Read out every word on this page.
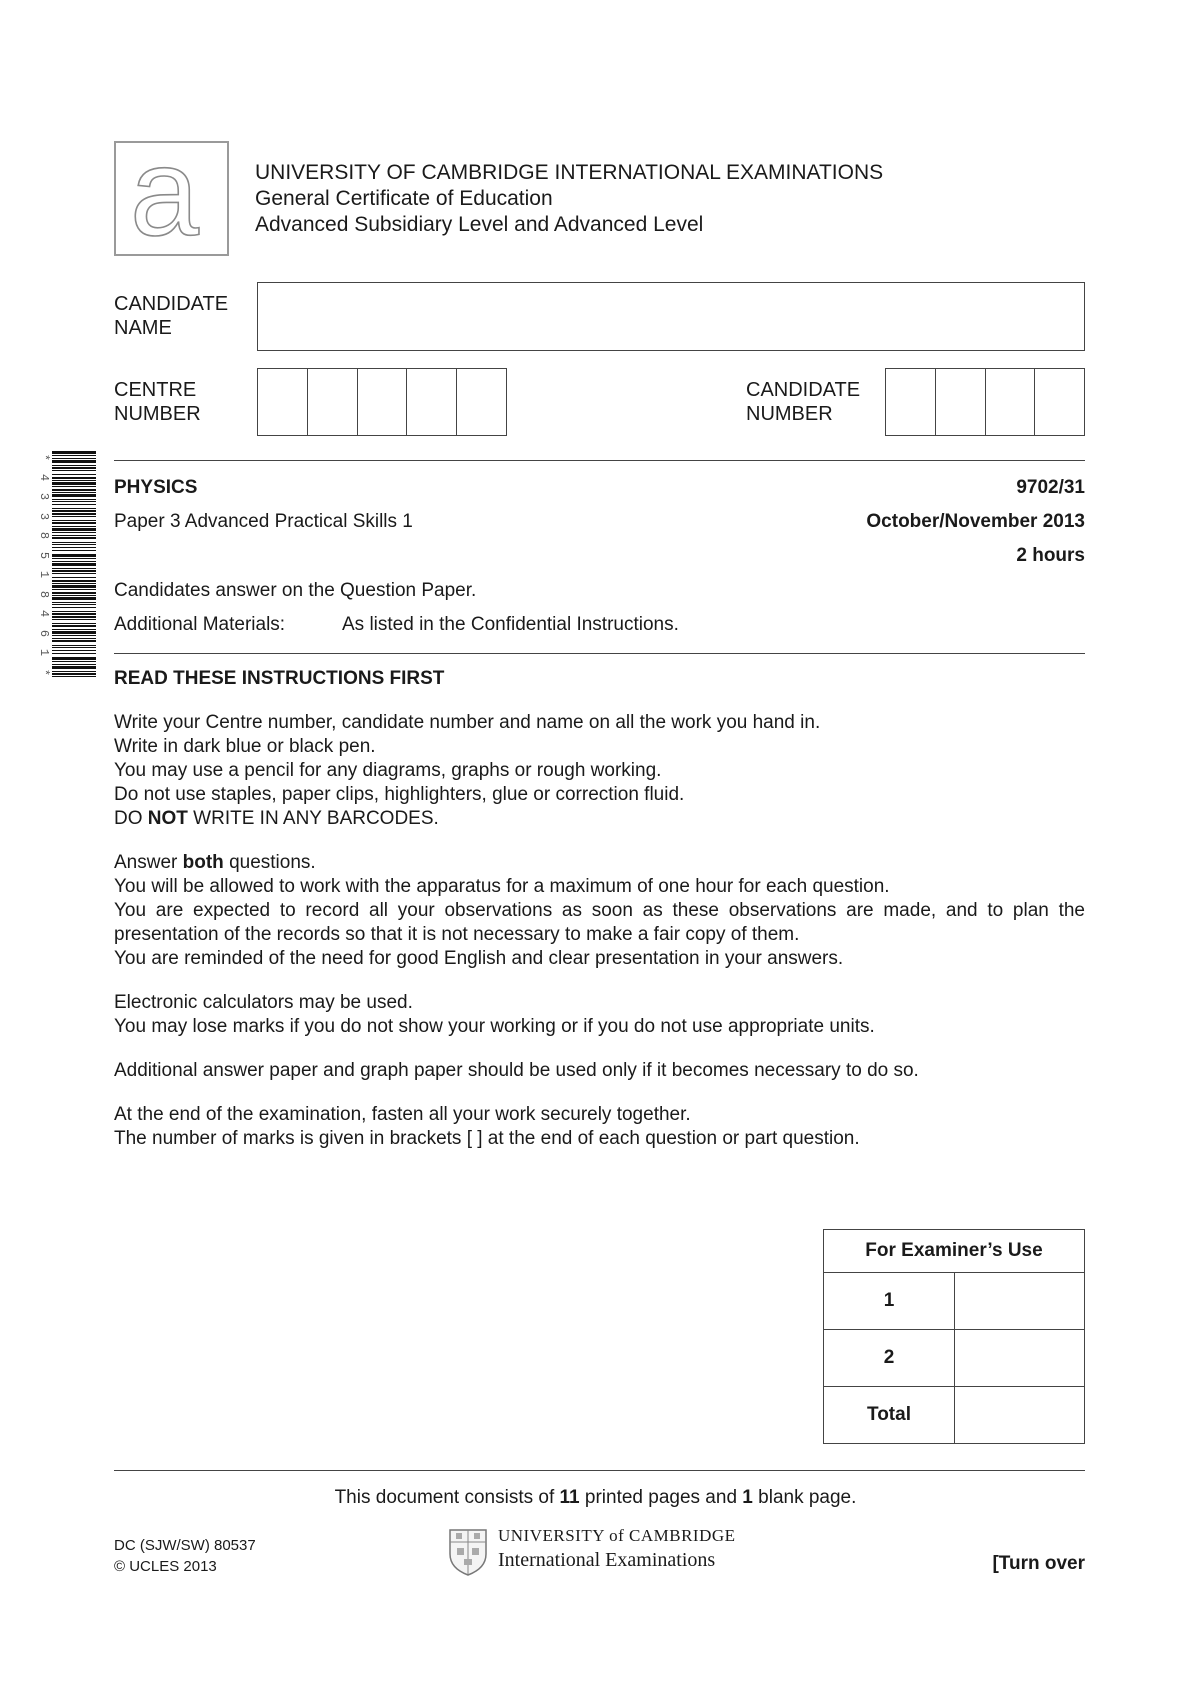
a	UNIVERSITY OF CAMBRIDGE INTERNATIONAL EXAMINATIONS
General Certificate of Education
Advanced Subsidiary Level and Advanced Level
CANDIDATE
NAME
CENTRE
NUMBER
CANDIDATE
NUMBER
*
4
3
3
8
5
1
8
4
6
1
*
PHYSICS	9702/31
Paper 3 Advanced Practical Skills 1	October/November 2013
2 hours
Candidates answer on the Question Paper.
Additional Materials:	As listed in the Confidential Instructions.
READ THESE INSTRUCTIONS FIRST
Write your Centre number, candidate number and name on all the work you hand in.
Write in dark blue or black pen.
You may use a pencil for any diagrams, graphs or rough working.
Do not use staples, paper clips, highlighters, glue or correction fluid.
DO NOT WRITE IN ANY BARCODES.
Answer both questions.
You will be allowed to work with the apparatus for a maximum of one hour for each question.
You are expected to record all your observations as soon as these observations are made, and to plan the
presentation of the records so that it is not necessary to make a fair copy of them.
You are reminded of the need for good English and clear presentation in your answers.
Electronic calculators may be used.
You may lose marks if you do not show your working or if you do not use appropriate units.
Additional answer paper and graph paper should be used only if it becomes necessary to do so.
At the end of the examination, fasten all your work securely together.
The number of marks is given in brackets [ ] at the end of each question or part question.
For Examiner’s Use	
1	
2	
Total	
This document consists of 11 printed pages and 1 blank page.
DC (SJW/SW) 80537
© UCLES 2013
UNIVERSITY of CAMBRIDGE
International Examinations	[Turn over
